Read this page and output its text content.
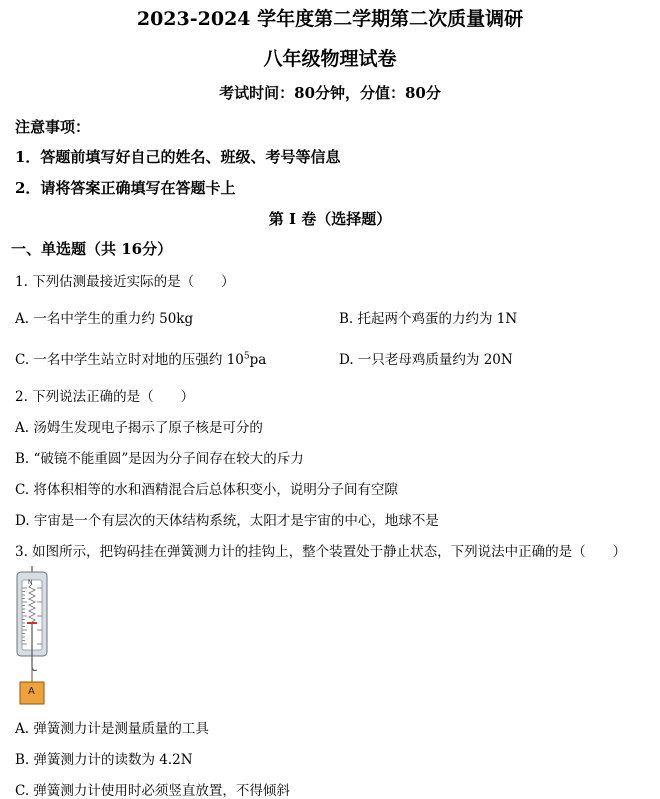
2023-2024 学年度第二学期第二次质量调研
八年级物理试卷
考试时间：80分钟，分值：80分
注意事项：
1．答题前填写好自己的姓名、班级、考号等信息
2．请将答案正确填写在答题卡上
第 I 卷（选择题）
一、单选题（共 16分）
1. 下列估测最接近实际的是（　　）
A. 一名中学生的重力约 50kg	B. 托起两个鸡蛋的力约为 1N
C. 一名中学生站立时对地的压强约 $10^5pa$	D. 一只老母鸡质量约为 20N
2. 下列说法正确的是（　　）
A. 汤姆生发现电子揭示了原子核是可分的
B. “破镜不能重圆”是因为分子间存在较大的斥力
C. 将体积相等的水和酒精混合后总体积变小，说明分子间有空隙
D. 宇宙是一个有层次的天体结构系统，太阳才是宇宙的中心，地球不是
3. 如图所示，把钩码挂在弹簧测力计的挂钩上，整个装置处于静止状态，下列说法中正确的是（　　）
N
A
A. 弹簧测力计是测量质量的工具
B. 弹簧测力计的读数为 4.2N
C. 弹簧测力计使用时必须竖直放置，不得倾斜
